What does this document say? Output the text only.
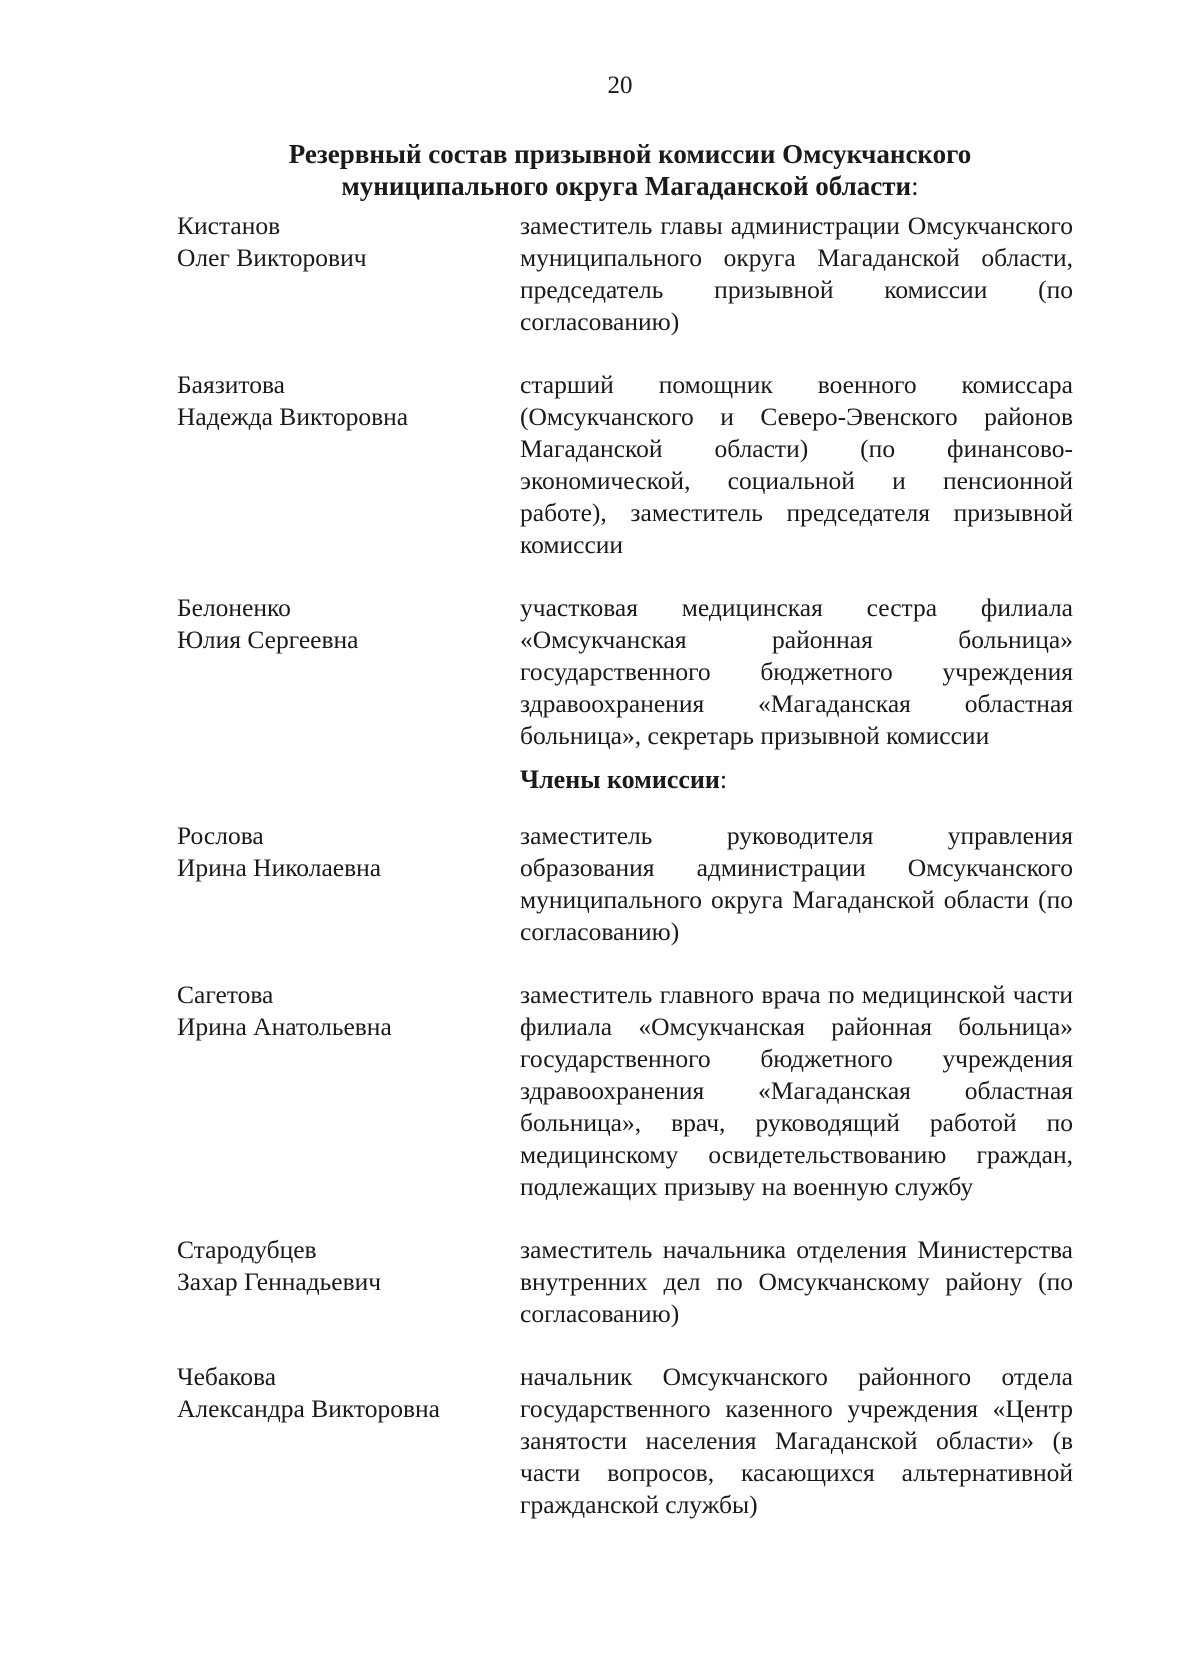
20
Резервный состав призывной комиссии Омсукчанского
муниципального округа Магаданской области:
Кистанов
Олег Викторович
заместитель главы администрации Омсукчанского муниципального округа Магаданской области, председатель призывной комиссии (по согласованию)
Баязитова
Надежда Викторовна
старший помощник военного комиссара (Омсукчанского и Северо-Эвенского районов Магаданской области) (по финансово-экономической, социальной и пенсионной работе), заместитель председателя призывной комиссии
Белоненко
Юлия Сергеевна
участковая медицинская сестра филиала «Омсукчанская районная больница» государственного бюджетного учреждения здравоохранения «Магаданская областная больница», секретарь призывной комиссии
Члены комиссии:
Рослова
Ирина Николаевна
заместитель руководителя управления образования администрации Омсукчанского муниципального округа Магаданской области (по согласованию)
Сагетова
Ирина Анатольевна
заместитель главного врача по медицинской части филиала «Омсукчанская районная больница» государственного бюджетного учреждения здравоохранения «Магаданская областная больница», врач, руководящий работой по медицинскому освидетельствованию граждан, подлежащих призыву на военную службу
Стародубцев
Захар Геннадьевич
заместитель начальника отделения Министерства внутренних дел по Омсукчанскому району (по согласованию)
Чебакова
Александра Викторовна
начальник Омсукчанского районного отдела государственного казенного учреждения «Центр занятости населения Магаданской области» (в части вопросов, касающихся альтернативной гражданской службы)
